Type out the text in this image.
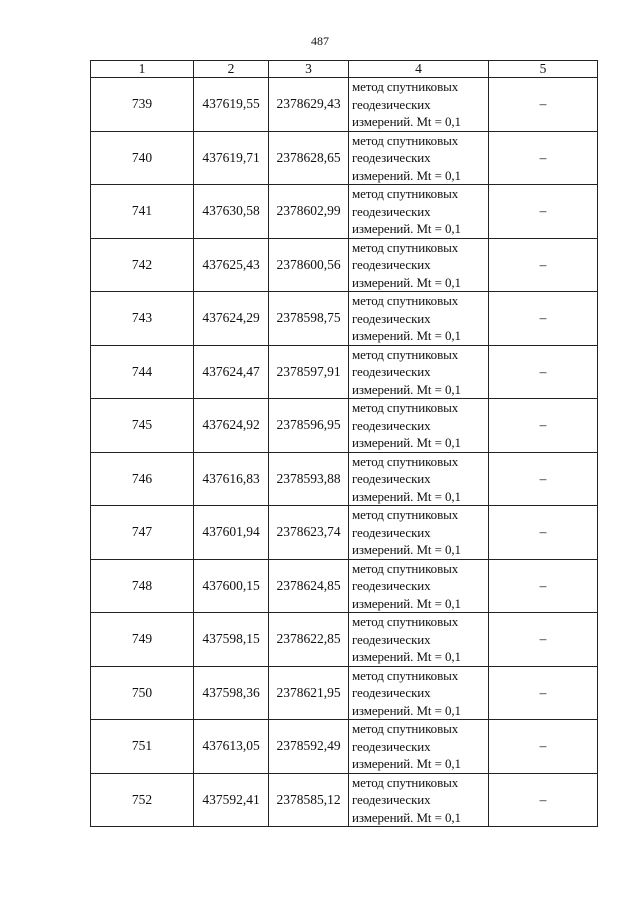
487
1	2	3	4	5
739	437619,55	2378629,43	метод спутниковых
геодезических
измерений. Mt = 0,1	–
740	437619,71	2378628,65	метод спутниковых
геодезических
измерений. Mt = 0,1	–
741	437630,58	2378602,99	метод спутниковых
геодезических
измерений. Mt = 0,1	–
742	437625,43	2378600,56	метод спутниковых
геодезических
измерений. Mt = 0,1	–
743	437624,29	2378598,75	метод спутниковых
геодезических
измерений. Mt = 0,1	–
744	437624,47	2378597,91	метод спутниковых
геодезических
измерений. Mt = 0,1	–
745	437624,92	2378596,95	метод спутниковых
геодезических
измерений. Mt = 0,1	–
746	437616,83	2378593,88	метод спутниковых
геодезических
измерений. Mt = 0,1	–
747	437601,94	2378623,74	метод спутниковых
геодезических
измерений. Mt = 0,1	–
748	437600,15	2378624,85	метод спутниковых
геодезических
измерений. Mt = 0,1	–
749	437598,15	2378622,85	метод спутниковых
геодезических
измерений. Mt = 0,1	–
750	437598,36	2378621,95	метод спутниковых
геодезических
измерений. Mt = 0,1	–
751	437613,05	2378592,49	метод спутниковых
геодезических
измерений. Mt = 0,1	–
752	437592,41	2378585,12	метод спутниковых
геодезических
измерений. Mt = 0,1	–
